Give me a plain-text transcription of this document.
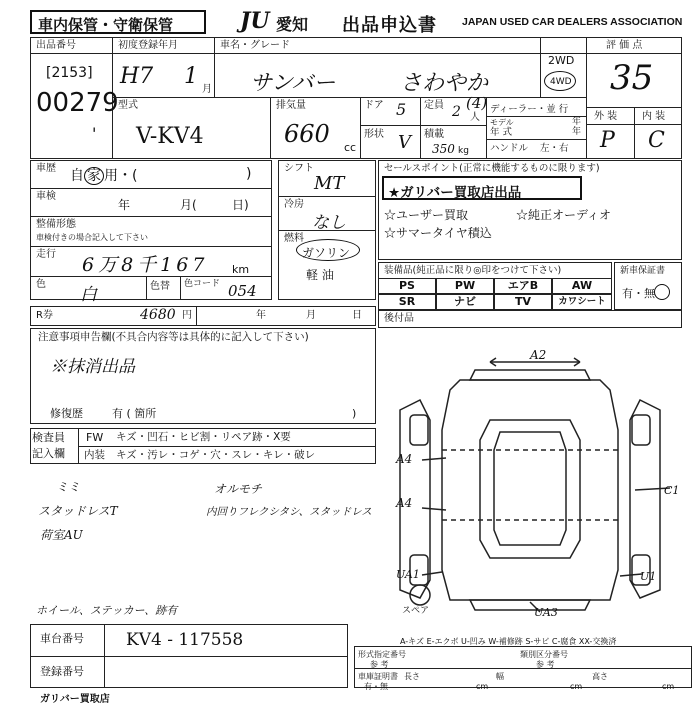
車内保管・守衛保管	JU 愛知 出品申込書 JAPAN USED CAR DEALERS ASSOCIATION
出品番号
[2153]
00279
'
初度登録年月
H7 1
月
車名・グレード
サンバー	さわやか
2WD
4WD
評 価 点
35
型式
V-KV4
排気量
660 cc
ドア 5 定員 2 (4)
人
形状 V 積載
350 kg
ディーラー・並 行
モデル
年 式
年
年
ハンドル 左・右
外 装 内 装
P C
車歴 自 家 用・(	)
車検
年	月(	日)
整備形態
車検付きの場合記入して下さい
走行 6万8千167 km
色
白	色替 色コード 054
シフト
MT
冷房
なし
燃料
ガソリン
軽 油
R券	4680 円	年	月	日
セールスポイント(正常に機能するものに限ります)
★ガリバー買取店出品
☆ユーザー買取	☆純正オーディオ
☆サマータイヤ積込
装備品(純正品に限り◎印をつけて下さい)
PS	PW	エアB	AW
SR	ナビ	TV	カワシート
新車保証書
有・無
後付品
注意事項申告欄(不具合内容等は具体的に記入して下さい)
※抹消出品
修復歴	有 ( 箇所	)
検査員
記入欄
FW キズ・凹石・ヒビ割・リペア跡・X要
内装 キズ・汚レ・コゲ・穴・スレ・キレ・破レ
ミミ
スタッドレスT
荷室AU
オルモチ
内回りフレクシタシ、スタッドレス
ホイール、ステッカー、跡有
A2
A4
A4
C1
UA1	U1
UA3
スペア
A-キズ E-エクボ U-凹み W-補修跡 S-サビ C-腐食 XX-交換済
車台番号 KV4 - 117558
登録番号
形式指定番号
参 考
類別区分番号
参 考
車庫証明書
有・無
長さ
cm
幅
cm
高さ
cm
ガリバー買取店
